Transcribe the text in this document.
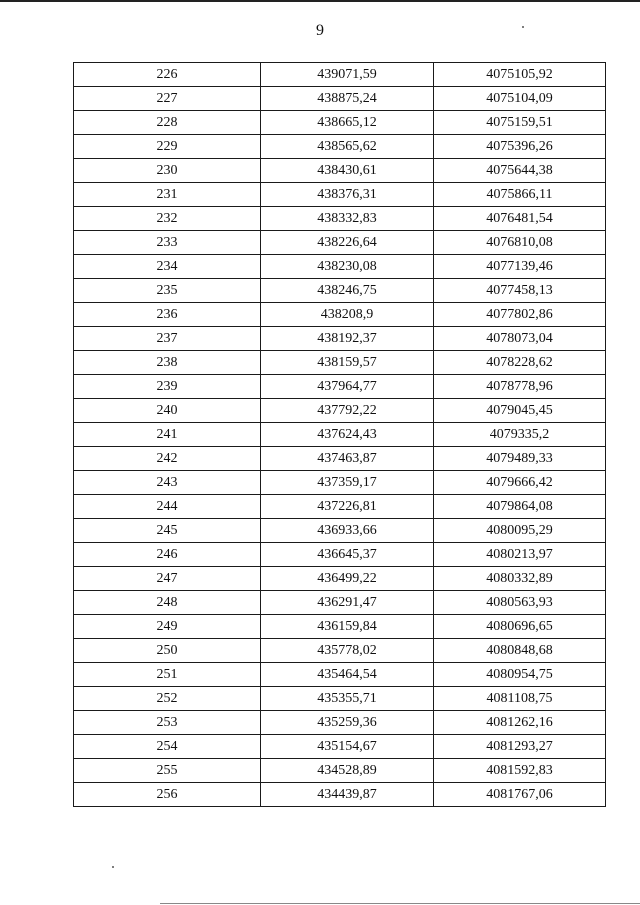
9
226	439071,59	4075105,92
227	438875,24	4075104,09
228	438665,12	4075159,51
229	438565,62	4075396,26
230	438430,61	4075644,38
231	438376,31	4075866,11
232	438332,83	4076481,54
233	438226,64	4076810,08
234	438230,08	4077139,46
235	438246,75	4077458,13
236	438208,9	4077802,86
237	438192,37	4078073,04
238	438159,57	4078228,62
239	437964,77	4078778,96
240	437792,22	4079045,45
241	437624,43	4079335,2
242	437463,87	4079489,33
243	437359,17	4079666,42
244	437226,81	4079864,08
245	436933,66	4080095,29
246	436645,37	4080213,97
247	436499,22	4080332,89
248	436291,47	4080563,93
249	436159,84	4080696,65
250	435778,02	4080848,68
251	435464,54	4080954,75
252	435355,71	4081108,75
253	435259,36	4081262,16
254	435154,67	4081293,27
255	434528,89	4081592,83
256	434439,87	4081767,06
